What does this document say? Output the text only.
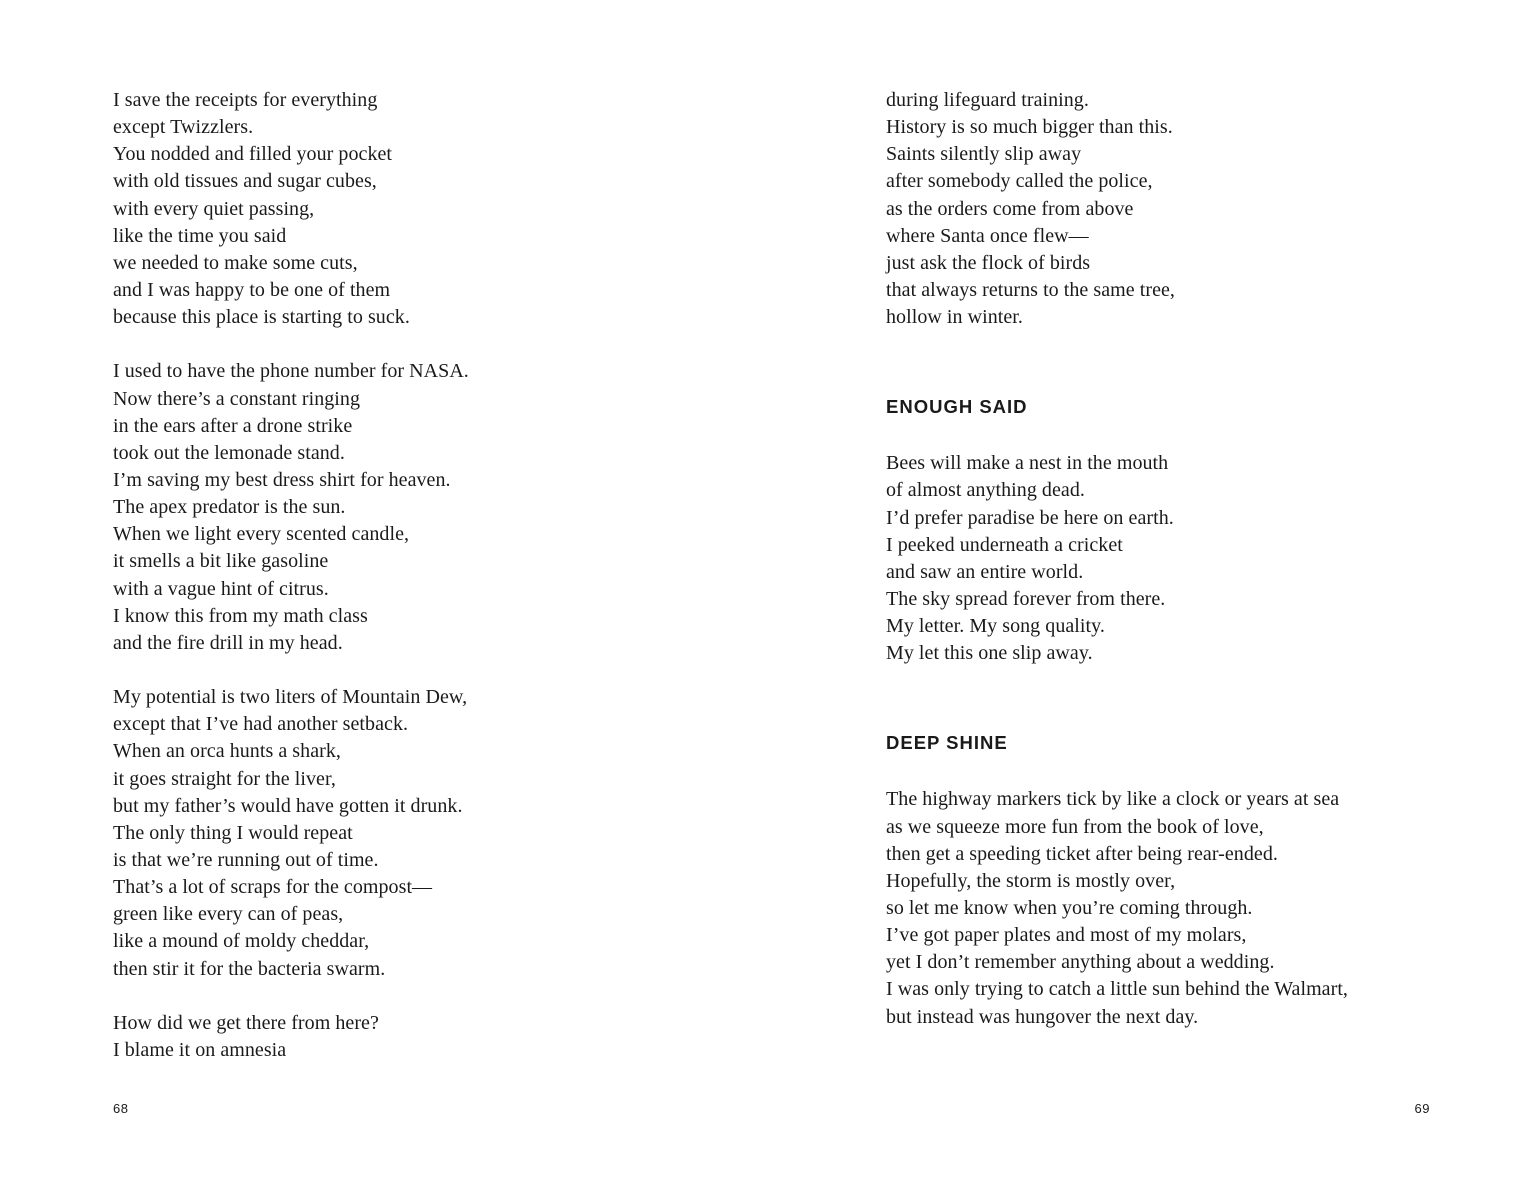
I save the receipts for everything
except Twizzlers.
You nodded and filled your pocket
with old tissues and sugar cubes,
with every quiet passing,
like the time you said
we needed to make some cuts,
and I was happy to be one of them
because this place is starting to suck.
I used to have the phone number for NASA.
Now there’s a constant ringing
in the ears after a drone strike
took out the lemonade stand.
I’m saving my best dress shirt for heaven.
The apex predator is the sun.
When we light every scented candle,
it smells a bit like gasoline
with a vague hint of citrus.
I know this from my math class
and the fire drill in my head.
My potential is two liters of Mountain Dew,
except that I’ve had another setback.
When an orca hunts a shark,
it goes straight for the liver,
but my father’s would have gotten it drunk.
The only thing I would repeat
is that we’re running out of time.
That’s a lot of scraps for the compost—
green like every can of peas,
like a mound of moldy cheddar,
then stir it for the bacteria swarm.
How did we get there from here?
I blame it on amnesia
68
during lifeguard training.
History is so much bigger than this.
Saints silently slip away
after somebody called the police,
as the orders come from above
where Santa once flew—
just ask the flock of birds
that always returns to the same tree,
hollow in winter.
ENOUGH SAID
Bees will make a nest in the mouth
of almost anything dead.
I’d prefer paradise be here on earth.
I peeked underneath a cricket
and saw an entire world.
The sky spread forever from there.
My letter. My song quality.
My let this one slip away.
DEEP SHINE
The highway markers tick by like a clock or years at sea
as we squeeze more fun from the book of love,
then get a speeding ticket after being rear-ended.
Hopefully, the storm is mostly over,
so let me know when you’re coming through.
I’ve got paper plates and most of my molars,
yet I don’t remember anything about a wedding.
I was only trying to catch a little sun behind the Walmart,
but instead was hungover the next day.
69
